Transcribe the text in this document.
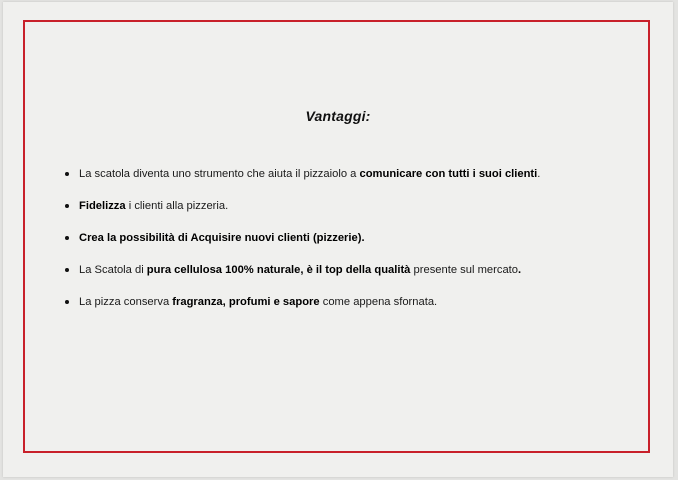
Vantaggi:
La scatola diventa uno strumento che aiuta il pizzaiolo a comunicare con tutti i suoi clienti.
Fidelizza i clienti alla pizzeria.
Crea la possibilità di Acquisire nuovi clienti (pizzerie).
La Scatola di pura cellulosa 100% naturale, è il top della qualità presente sul mercato.
La pizza conserva fragranza, profumi e sapore come appena sfornata.
